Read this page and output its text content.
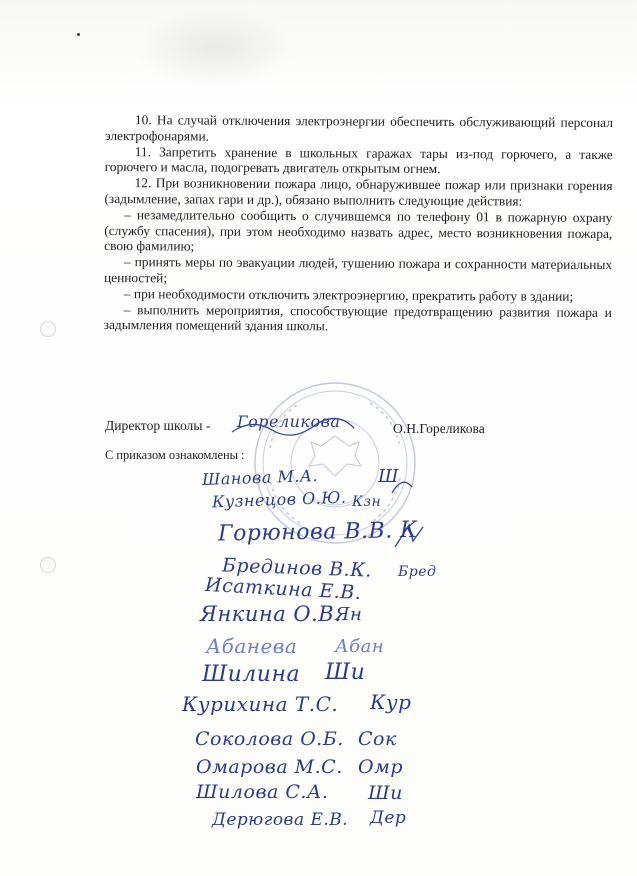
10. На случай отключения электроэнергии обеспечить обслуживающий персонал электрофонарями.

11. Запретить хранение в школьных гаражах тары из-под горючего, а также горючего и масла, подогревать двигатель открытым огнем.

12. При возникновении пожара лицо, обнаружившее пожар или признаки горения (задымление, запах гари и др.), обязано выполнить следующие действия:

– незамедлительно сообщить о случившемся по телефону 01 в пожарную охрану (службу спасения), при этом необходимо назвать адрес, место возникновения пожара, свою фамилию;

– принять меры по эвакуации людей, тушению пожара и сохранности материальных ценностей;

– при необходимости отключить электроэнергию, прекратить работу в здании;

– выполнить мероприятия, способствующие предотвращению развития пожара и задымления помещений здания школы.

Директор школы - Гореликова	О.Н.Гореликова
С приказом ознакомлены :
Шанова М.А.	Ш
Кузнецов О.Ю. Кзн
Горюнова В.В. К
Брединов В.К. Бред
Исаткина Е.В.
Янкина О.В.
Ян
Абанева Абан
Шилина Ши
Курихина Т.С. Кур
Соколова О.Б. Сок
Омарова М.С. Омр
Шилова С.А. Ши
Дерюгова Е.В. Дер
